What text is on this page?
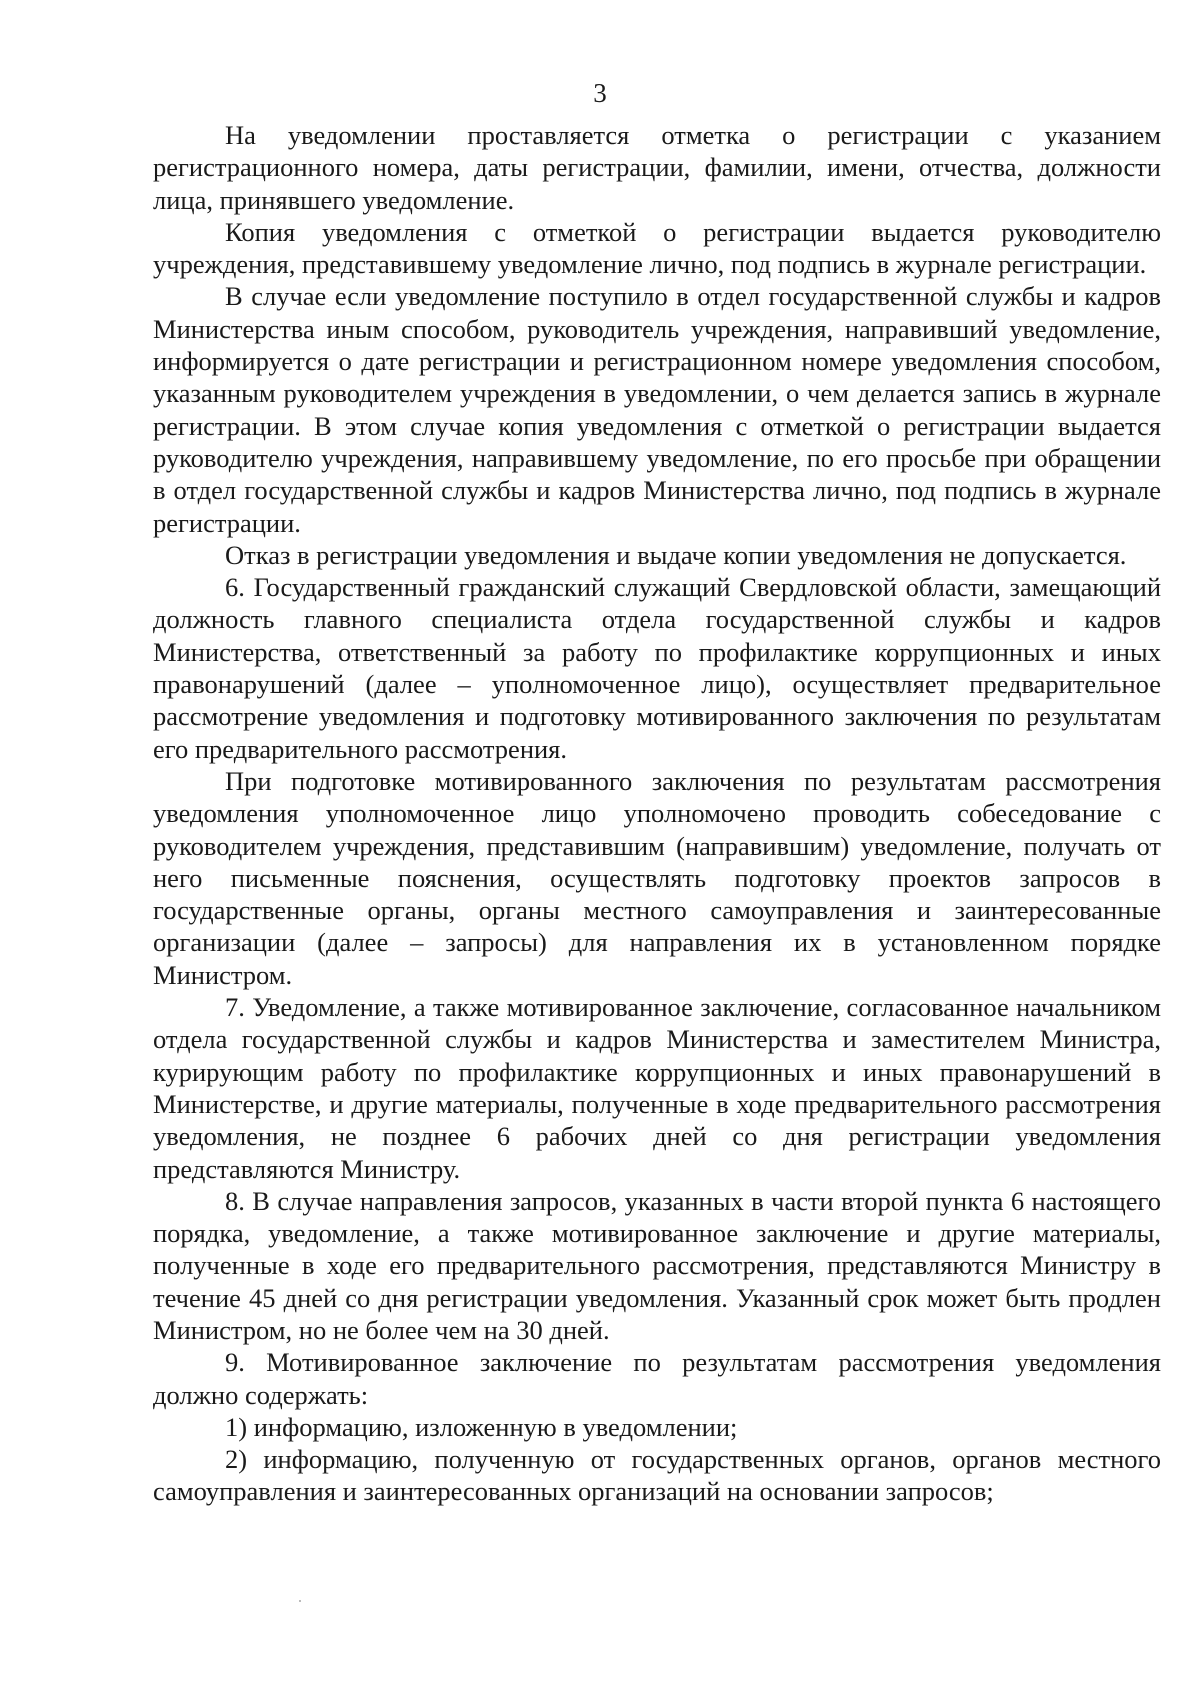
3

На уведомлении проставляется отметка о регистрации с указанием регистрационного номера, даты регистрации, фамилии, имени, отчества, должности лица, принявшего уведомление.

Копия уведомления с отметкой о регистрации выдается руководителю учреждения, представившему уведомление лично, под подпись в журнале регистрации.

В случае если уведомление поступило в отдел государственной службы и кадров Министерства иным способом, руководитель учреждения, направивший уведомление, информируется о дате регистрации и регистрационном номере уведомления способом, указанным руководителем учреждения в уведомлении, о чем делается запись в журнале регистрации. В этом случае копия уведомления с отметкой о регистрации выдается руководителю учреждения, направившему уведомление, по его просьбе при обращении в отдел государственной службы и кадров Министерства лично, под подпись в журнале регистрации.

Отказ в регистрации уведомления и выдаче копии уведомления не допускается.

6. Государственный гражданский служащий Свердловской области, замещающий должность главного специалиста отдела государственной службы и кадров Министерства, ответственный за работу по профилактике коррупционных и иных правонарушений (далее – уполномоченное лицо), осуществляет предварительное рассмотрение уведомления и подготовку мотивированного заключения по результатам его предварительного рассмотрения.

При подготовке мотивированного заключения по результатам рассмотрения уведомления уполномоченное лицо уполномочено проводить собеседование с руководителем учреждения, представившим (направившим) уведомление, получать от него письменные пояснения, осуществлять подготовку проектов запросов в государственные органы, органы местного самоуправления и заинтересованные организации (далее – запросы) для направления их в установленном порядке Министром.

7. Уведомление, а также мотивированное заключение, согласованное начальником отдела государственной службы и кадров Министерства и заместителем Министра, курирующим работу по профилактике коррупционных и иных правонарушений в Министерстве, и другие материалы, полученные в ходе предварительного рассмотрения уведомления, не позднее 6 рабочих дней со дня регистрации уведомления представляются Министру.

8. В случае направления запросов, указанных в части второй пункта 6 настоящего порядка, уведомление, а также мотивированное заключение и другие материалы, полученные в ходе его предварительного рассмотрения, представляются Министру в течение 45 дней со дня регистрации уведомления. Указанный срок может быть продлен Министром, но не более чем на 30 дней.

9. Мотивированное заключение по результатам рассмотрения уведомления должно содержать:

1) информацию, изложенную в уведомлении;

2) информацию, полученную от государственных органов, органов местного самоуправления и заинтересованных организаций на основании запросов;
